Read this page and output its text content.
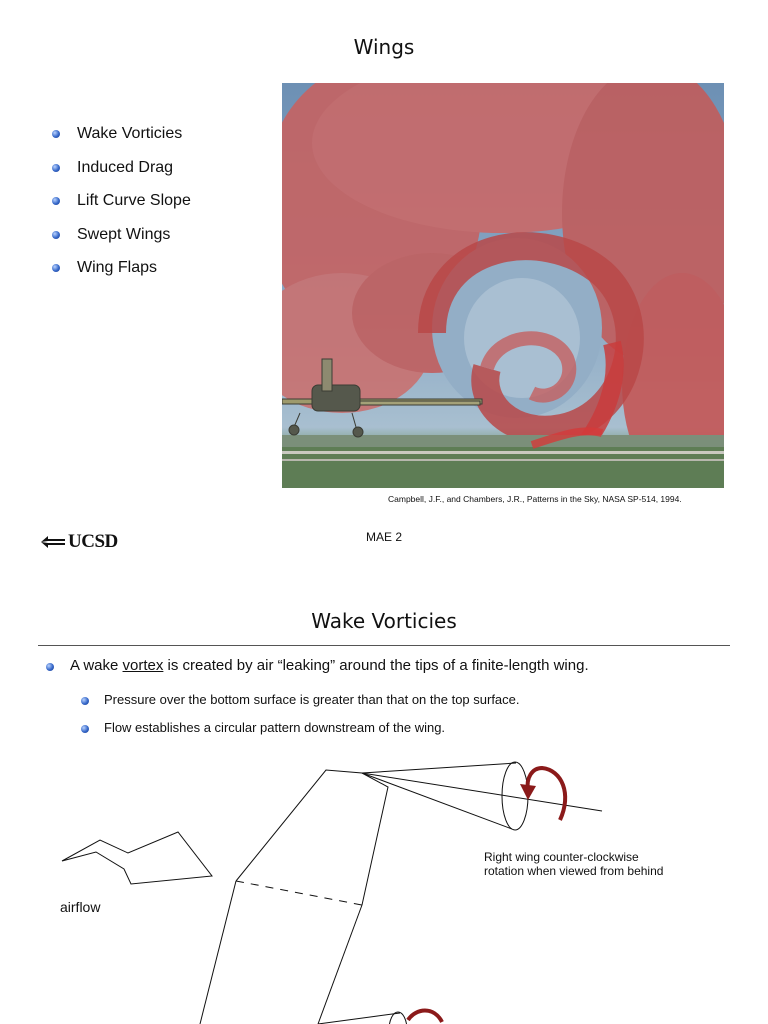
Wings
Wake Vorticies
Induced Drag
Lift Curve Slope
Swept Wings
Wing Flaps
Campbell, J.F., and Chambers, J.R., Patterns in the Sky, NASA SP-514, 1994.
UCSD	MAE 2
Wake Vorticies
A wake vortex is created by air “leaking” around the tips of a finite-length wing.
Pressure over the bottom surface is greater than that on the top surface.
Flow establishes a circular pattern downstream of the wing.
Right wing counter-clockwise
rotation when viewed from behind
airflow
